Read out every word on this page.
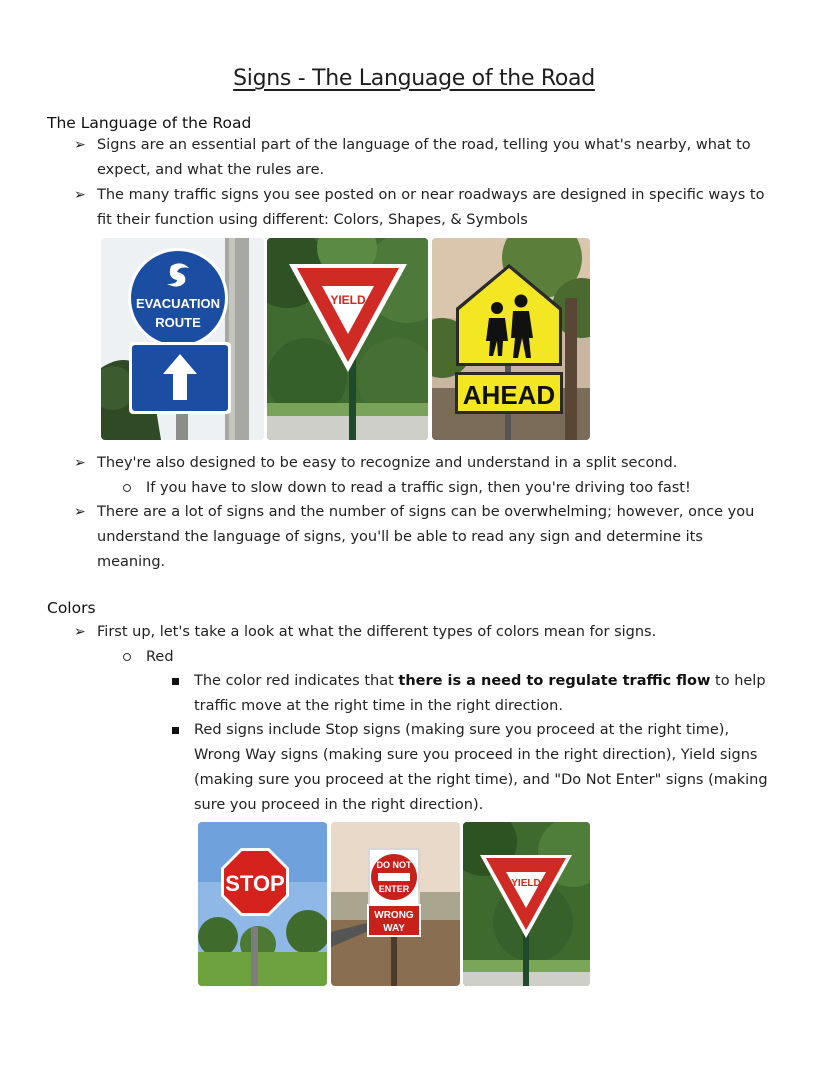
Signs - The Language of the Road
The Language of the Road
➢ Signs are an essential part of the language of the road, telling you what's nearby, what to
expect, and what the rules are.
➢ The many traffic signs you see posted on or near roadways are designed in specific ways to
fit their function using different: Colors, Shapes, & Symbols
EVACUATION
ROUTE
YIELD
AHEAD
➢ They're also designed to be easy to recognize and understand in a split second.
If you have to slow down to read a traffic sign, then you're driving too fast!
➢ There are a lot of signs and the number of signs can be overwhelming; however, once you
understand the language of signs, you'll be able to read any sign and determine its
meaning.
Colors
➢ First up, let's take a look at what the different types of colors mean for signs.
Red
The color red indicates that there is a need to regulate traffic flow to help
traffic move at the right time in the right direction.
Red signs include Stop signs (making sure you proceed at the right time),
Wrong Way signs (making sure you proceed in the right direction), Yield signs
(making sure you proceed at the right time), and "Do Not Enter" signs (making
sure you proceed in the right direction).
STOP
DO NOT
ENTER
WRONG
WAY
YIELD
